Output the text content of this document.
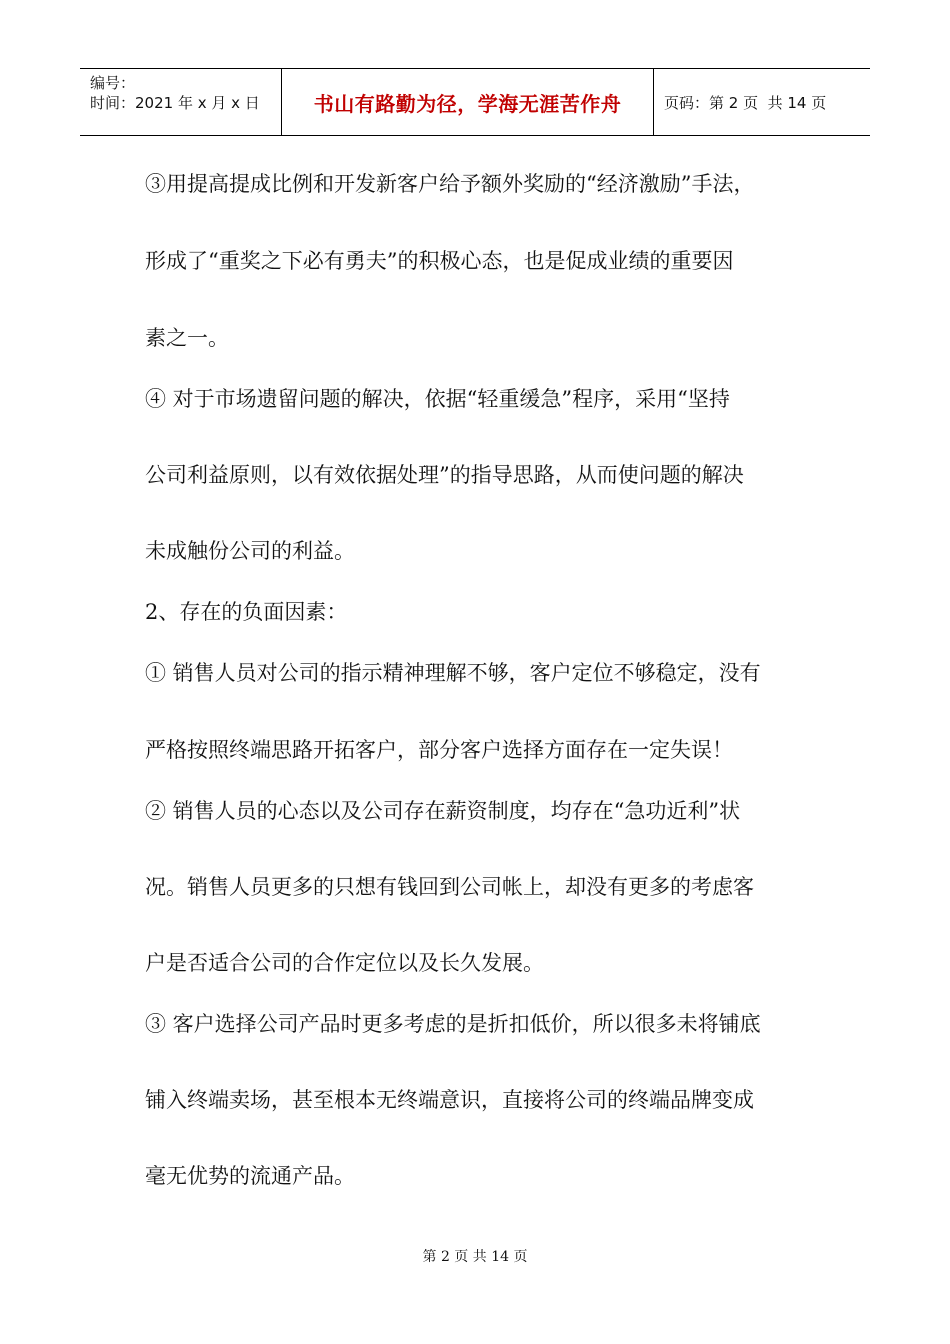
编号：
时间：2021 年 x 月 x 日	书山有路勤为径，学海无涯苦作舟	页码：第 2 页  共 14 页
③用提高提成比例和开发新客户给予额外奖励的“经济激励”手法，
形成了“重奖之下必有勇夫”的积极心态，也是促成业绩的重要因
素之一。
④ 对于市场遗留问题的解决，依据“轻重缓急”程序，采用“坚持
公司利益原则，以有效依据处理”的指导思路，从而使问题的解决
未成触份公司的利益。
2、存在的负面因素：
① 销售人员对公司的指示精神理解不够，客户定位不够稳定，没有
严格按照终端思路开拓客户，部分客户选择方面存在一定失误！
② 销售人员的心态以及公司存在薪资制度，均存在“急功近利”状
况。销售人员更多的只想有钱回到公司帐上，却没有更多的考虑客
户是否适合公司的合作定位以及长久发展。
③ 客户选择公司产品时更多考虑的是折扣低价，所以很多未将铺底
铺入终端卖场，甚至根本无终端意识，直接将公司的终端品牌变成
毫无优势的流通产品。
第 2 页 共 14 页
